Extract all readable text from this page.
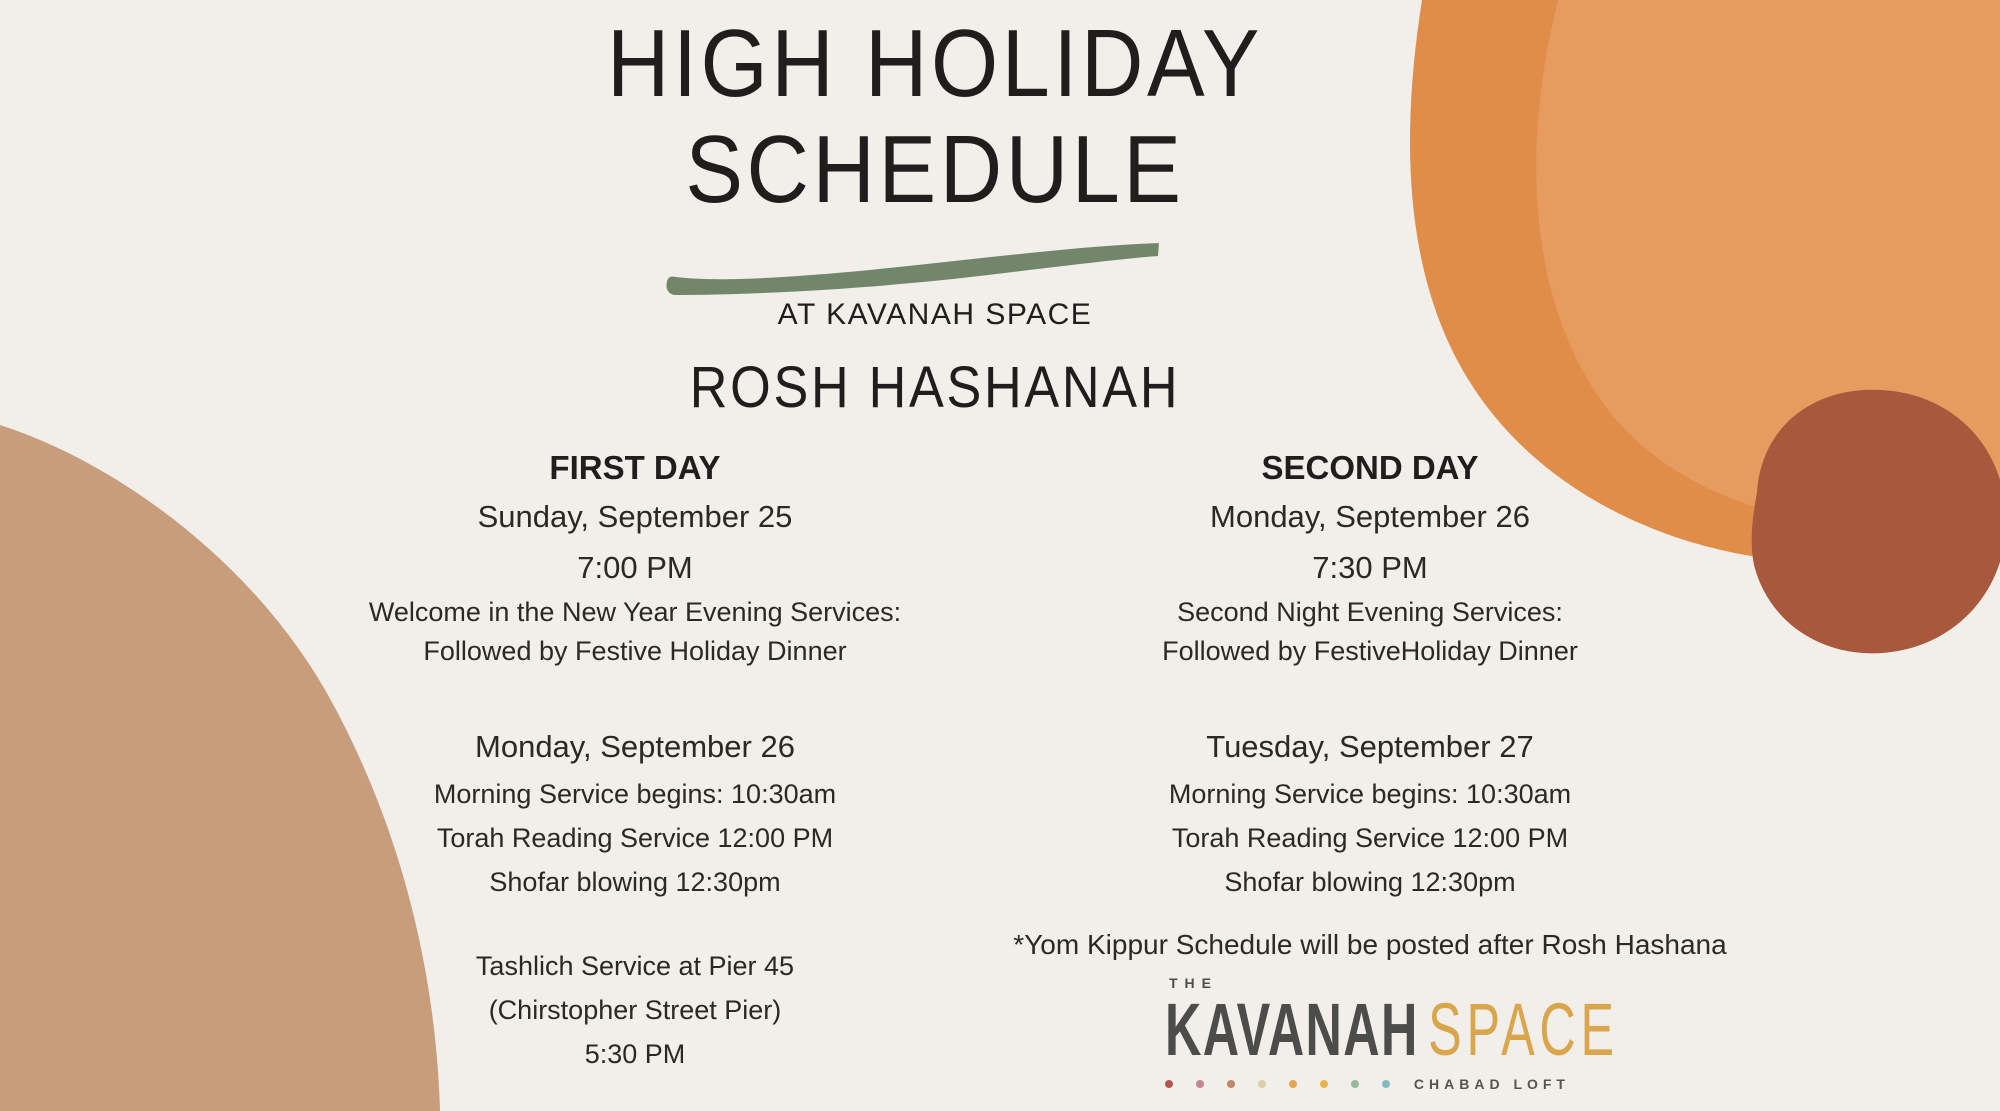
HIGH HOLIDAY
SCHEDULE
AT KAVANAH SPACE
ROSH HASHANAH
FIRST DAY
Sunday, September 25
7:00 PM
Welcome in the New Year Evening Services:
Followed by Festive Holiday Dinner
Monday, September 26
Morning Service begins: 10:30am
Torah Reading Service 12:00 PM
Shofar blowing 12:30pm
Tashlich Service at Pier 45
(Chirstopher Street Pier)
5:30 PM
SECOND DAY
Monday, September 26
7:30 PM
Second Night Evening Services:
Followed by FestiveHoliday Dinner
Tuesday, September 27
Morning Service begins: 10:30am
Torah Reading Service 12:00 PM
Shofar blowing 12:30pm
*Yom Kippur Schedule will be posted after Rosh Hashana
THE
KAVANAH SPACE
CHABAD LOFT
